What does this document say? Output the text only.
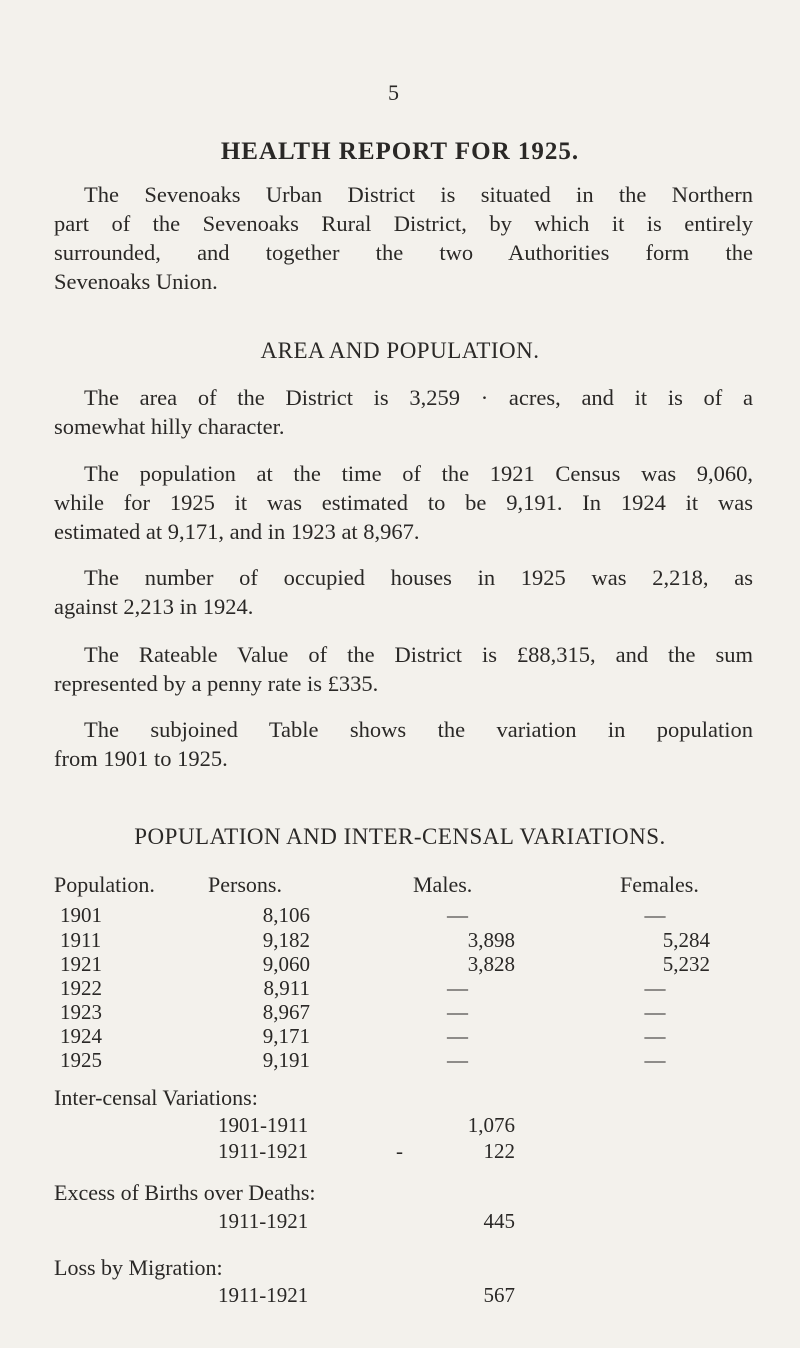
5
HEALTH REPORT FOR 1925.
The Sevenoaks Urban District is situated in the Northern
part of the Sevenoaks Rural District, by which it is entirely
surrounded, and together the two Authorities form the
Sevenoaks Union.
AREA AND POPULATION.
The area of the District is 3,259 · acres, and it is of a
somewhat hilly character.
The population at the time of the 1921 Census was 9,060,
while for 1925 it was estimated to be 9,191. In 1924 it was
estimated at 9,171, and in 1923 at 8,967.
The number of occupied houses in 1925 was 2,218, as
against 2,213 in 1924.
The Rateable Value of the District is £88,315, and the sum
represented by a penny rate is £335.
The subjoined Table shows the variation in population
from 1901 to 1925.
POPULATION AND INTER-CENSAL VARIATIONS.
Population. Persons.	Males.	Females.
1901	8,106	—	—
1911	9,182	3,898	5,284
1921	9,060	3,828	5,232
1922	8,911	—	—
1923	8,967	—	—
1924	9,171	—	—
1925	9,191	—	—
Inter-censal Variations:
1901-1911	1,076
1911-1921	-	122
Excess of Births over Deaths:
1911-1921	445
Loss by Migration:
1911-1921	567
